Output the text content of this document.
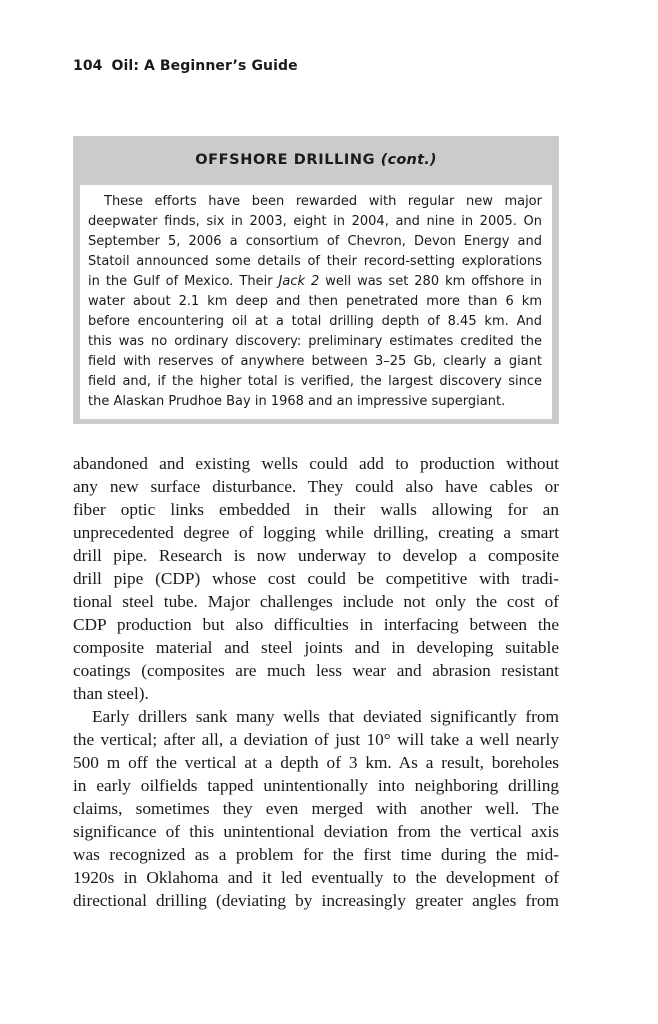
104 Oil: A Beginner’s Guide
OFFSHORE DRILLING (cont.)
These efforts have been rewarded with regular new major
deepwater finds, six in 2003, eight in 2004, and nine in 2005. On
September 5, 2006 a consortium of Chevron, Devon Energy and
Statoil announced some details of their record-setting explorations
in the Gulf of Mexico. Their Jack 2 well was set 280 km offshore in
water about 2.1 km deep and then penetrated more than 6 km
before encountering oil at a total drilling depth of 8.45 km. And
this was no ordinary discovery: preliminary estimates credited the
field with reserves of anywhere between 3–25 Gb, clearly a giant
field and, if the higher total is verified, the largest discovery since
the Alaskan Prudhoe Bay in 1968 and an impressive supergiant.
abandoned and existing wells could add to production without
any new surface disturbance. They could also have cables or
fiber optic links embedded in their walls allowing for an
unprecedented degree of logging while drilling, creating a smart
drill pipe. Research is now underway to develop a composite
drill pipe (CDP) whose cost could be competitive with tradi-
tional steel tube. Major challenges include not only the cost of
CDP production but also difficulties in interfacing between the
composite material and steel joints and in developing suitable
coatings (composites are much less wear and abrasion resistant
than steel).
Early drillers sank many wells that deviated significantly from
the vertical; after all, a deviation of just 10° will take a well nearly
500 m off the vertical at a depth of 3 km. As a result, boreholes
in early oilfields tapped unintentionally into neighboring drilling
claims, sometimes they even merged with another well. The
significance of this unintentional deviation from the vertical axis
was recognized as a problem for the first time during the mid-
1920s in Oklahoma and it led eventually to the development of
directional drilling (deviating by increasingly greater angles from
